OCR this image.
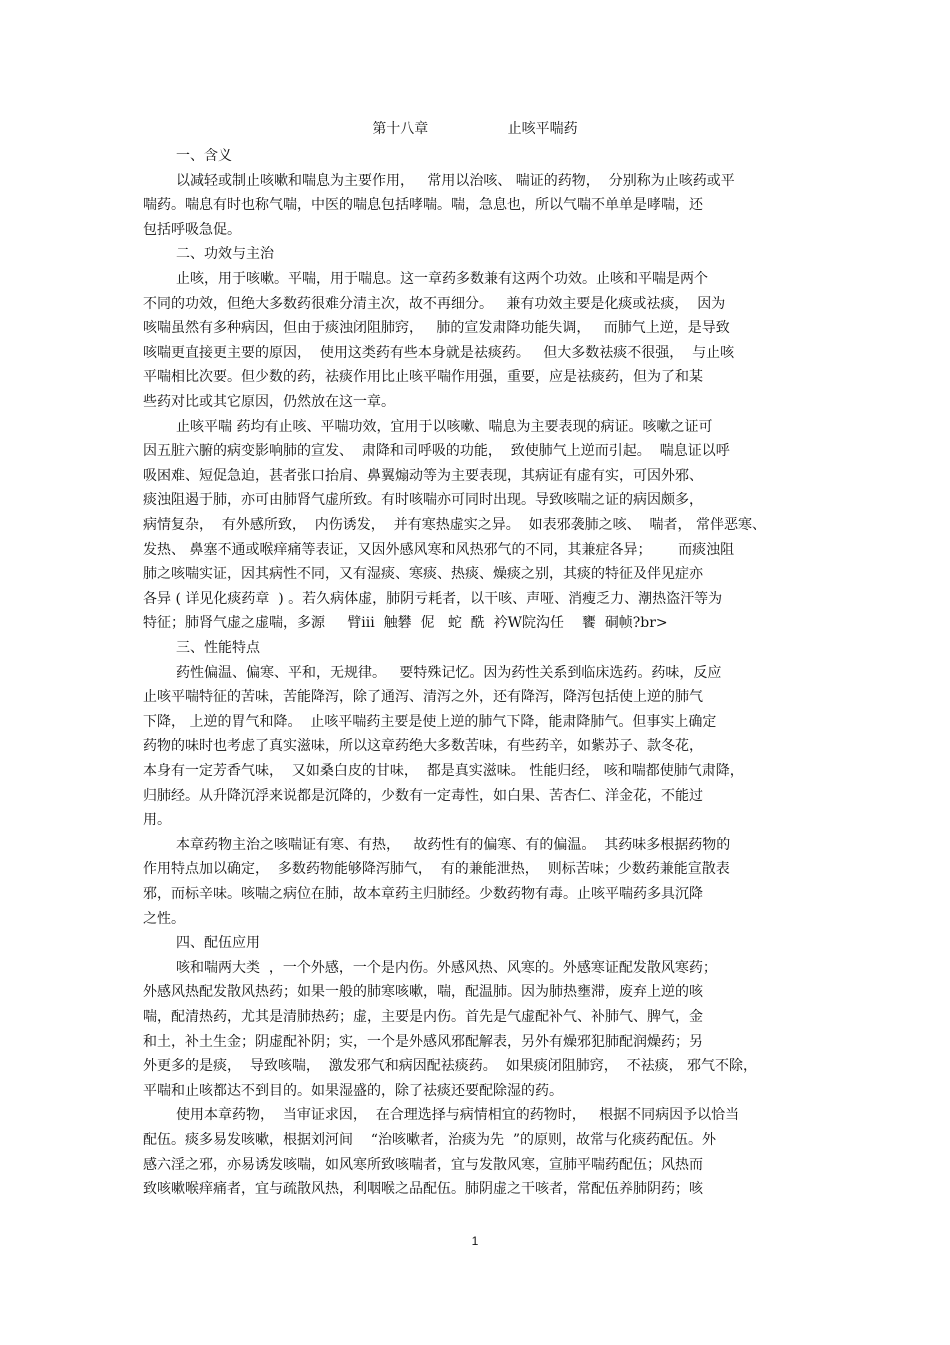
第十八章   止咳平喘药
一、含义
以减轻或制止咳嗽和喘息为主要作用，   常用以治咳、 喘证的药物，  分别称为止咳药或平
喘药。喘息有时也称气喘，中医的喘息包括哮喘。喘，急息也，所以气喘不单单是哮喘，还
包括呼吸急促。
二、功效与主治
止咳，用于咳嗽。平喘，用于喘息。这一章药多数兼有这两个功效。止咳和平喘是两个
不同的功效，但绝大多数药很难分清主次，故不再细分。   兼有功效主要是化痰或祛痰，  因为
咳喘虽然有多种病因，但由于痰浊闭阻肺窍，   肺的宣发肃降功能失调，   而肺气上逆，是导致
咳喘更直接更主要的原因，  使用这类药有些本身就是祛痰药。   但大多数祛痰不很强，  与止咳
平喘相比次要。但少数的药，祛痰作用比止咳平喘作用强，重要，应是祛痰药，但为了和某
些药对比或其它原因，仍然放在这一章。
止咳平喘 药均有止咳、平喘功效，宜用于以咳嗽、喘息为主要表现的病证。咳嗽之证可
因五脏六腑的病变影响肺的宣发、  肃降和司呼吸的功能，  致使肺气上逆而引起。  喘息证以呼
吸困难、短促急迫，甚者张口抬肩、鼻翼煽动等为主要表现，其病证有虚有实，可因外邪、
痰浊阻遏于肺，亦可由肺肾气虚所致。有时咳喘亦可同时出现。导致咳喘之证的病因颇多，
病情复杂，  有外感所致，  内伤诱发，  并有寒热虚实之异。  如表邪袭肺之咳、  喘者， 常伴恶寒、
发热、 鼻塞不通或喉痒痛等表证，又因外感风寒和风热邪气的不同，其兼症各异；      而痰浊阻
肺之咳喘实证，因其病性不同，又有湿痰、寒痰、热痰、燥痰之别，其痰的特征及伴见症亦
各异 ( 详见化痰药章  ) 。若久病体虚，肺阴亏耗者，以干咳、声哑、消瘦乏力、潮热盗汗等为
特征；肺肾气虚之虚喘，多源     臂iii  触礬  伲   蛇  酰  衿W院沟任    饔  硐帧?br>
三、性能特点
药性偏温、偏寒、平和，无规律。   要特殊记忆。因为药性关系到临床选药。药味，反应
止咳平喘特征的苦味，苦能降泻，除了通泻、清泻之外，还有降泻，降泻包括使上逆的肺气
下降， 上逆的胃气和降。  止咳平喘药主要是使上逆的肺气下降，能肃降肺气。但事实上确定
药物的味时也考虑了真实滋味，所以这章药绝大多数苦味，有些药辛，如紫苏子、款冬花，
本身有一定芳香气味，  又如桑白皮的甘味，  都是真实滋味。 性能归经， 咳和喘都使肺气肃降，
归肺经。从升降沉浮来说都是沉降的，少数有一定毒性，如白果、苦杏仁、洋金花，不能过
用。
本章药物主治之咳喘证有寒、有热，   故药性有的偏寒、有的偏温。  其药味多根据药物的
作用特点加以确定，  多数药物能够降泻肺气，  有的兼能泄热，  则标苦味；少数药兼能宣散表
邪，而标辛味。咳喘之病位在肺，故本章药主归肺经。少数药物有毒。止咳平喘药多具沉降
之性。
四、配伍应用
咳和喘两大类  ，一个外感，一个是内伤。外感风热、风寒的。外感寒证配发散风寒药；
外感风热配发散风热药；如果一般的肺寒咳嗽，喘，配温肺。因为肺热壅滞，废弃上逆的咳
喘，配清热药，尤其是清肺热药；虚，主要是内伤。首先是气虚配补气、补肺气、脾气，金
和土，补土生金；阴虚配补阴；实，一个是外感风邪配解表，另外有燥邪犯肺配润燥药；另
外更多的是痰，  导致咳喘，  激发邪气和病因配祛痰药。  如果痰闭阻肺窍，  不祛痰， 邪气不除，
平喘和止咳都达不到目的。如果湿盛的，除了祛痰还要配除湿的药。
使用本章药物，  当审证求因，  在合理选择与病情相宜的药物时，   根据不同病因予以恰当
配伍。痰多易发咳嗽，根据刘河间    “治咳嗽者，治痰为先  ”的原则，故常与化痰药配伍。外
感六淫之邪，亦易诱发咳喘，如风寒所致咳喘者，宜与发散风寒，宣肺平喘药配伍；风热而
致咳嗽喉痒痛者，宜与疏散风热，利咽喉之品配伍。肺阴虚之干咳者，常配伍养肺阴药；咳
1
